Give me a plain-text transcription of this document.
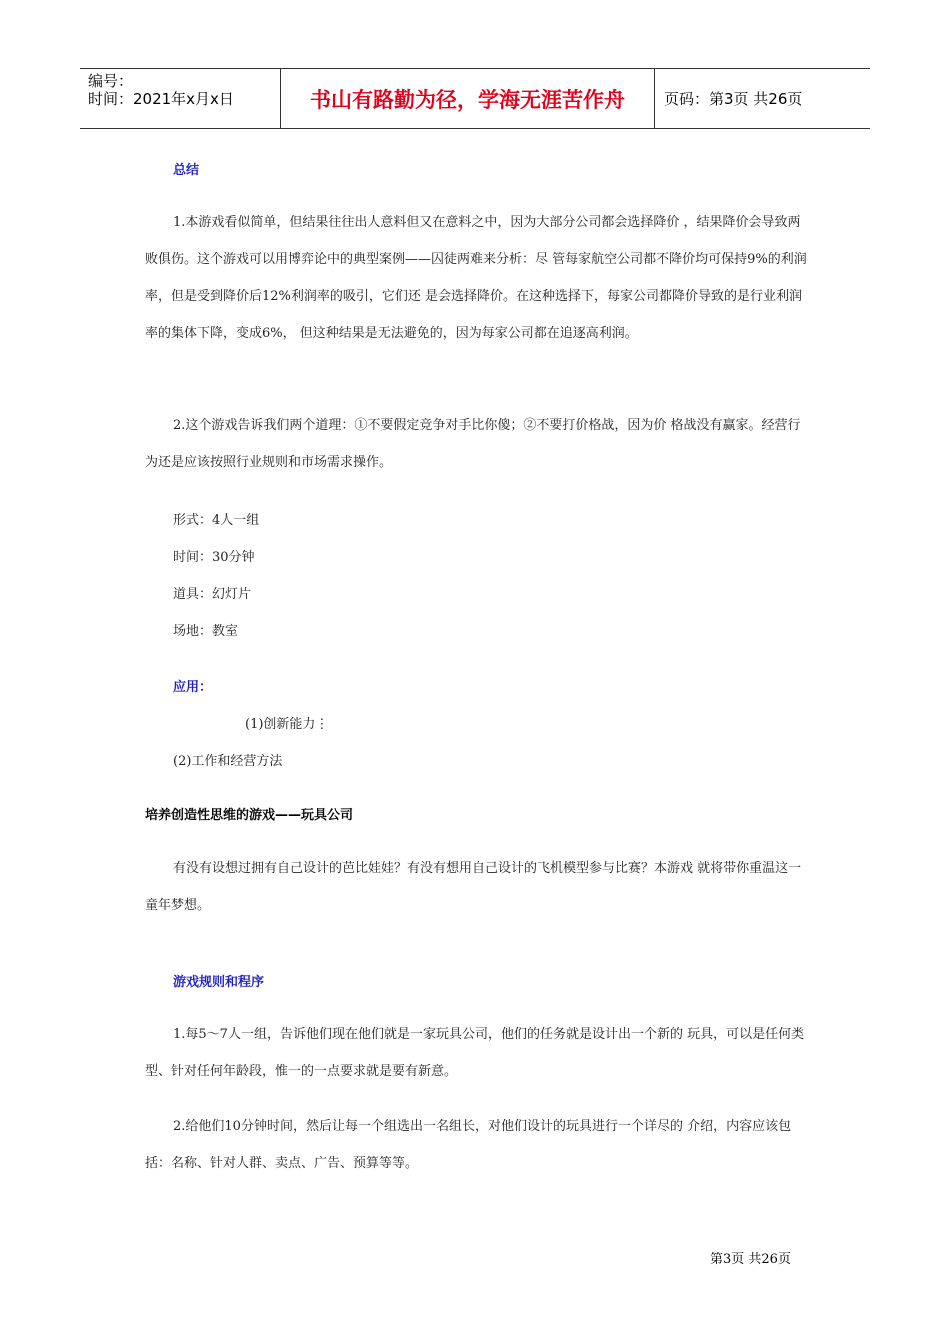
编号：
时间：2021年x月x日	书山有路勤为径，学海无涯苦作舟	页码：第3页 共26页
总结

1.本游戏看似简单，但结果往往出人意料但又在意料之中，因为大部分公司都会选择降价 ，结果降价会导致两败俱伤。这个游戏可以用博弈论中的典型案例——囚徒两难来分析：尽 管每家航空公司都不降价均可保持9%的利润率，但是受到降价后12%利润率的吸引，它们还 是会选择降价。在这种选择下，每家公司都降价导致的是行业利润率的集体下降，变成6%， 但这种结果是无法避免的，因为每家公司都在追逐高利润。

2.这个游戏告诉我们两个道理：①不要假定竞争对手比你傻；②不要打价格战，因为价 格战没有赢家。经营行为还是应该按照行业规则和市场需求操作。

形式：4人一组
时间：30分钟
道具：幻灯片
场地：教室
应用：
(1)创新能力⋮
(2)工作和经营方法
培养创造性思维的游戏——玩具公司

有没有设想过拥有自己设计的芭比娃娃？有没有想用自己设计的飞机模型参与比赛？本游戏 就将带你重温这一童年梦想。

游戏规则和程序

1.每5～7人一组，告诉他们现在他们就是一家玩具公司，他们的任务就是设计出一个新的 玩具，可以是任何类型、针对任何年龄段，惟一的一点要求就是要有新意。

2.给他们10分钟时间，然后让每一个组选出一名组长，对他们设计的玩具进行一个详尽的 介绍，内容应该包括：名称、针对人群、卖点、广告、预算等等。

第3页 共26页
